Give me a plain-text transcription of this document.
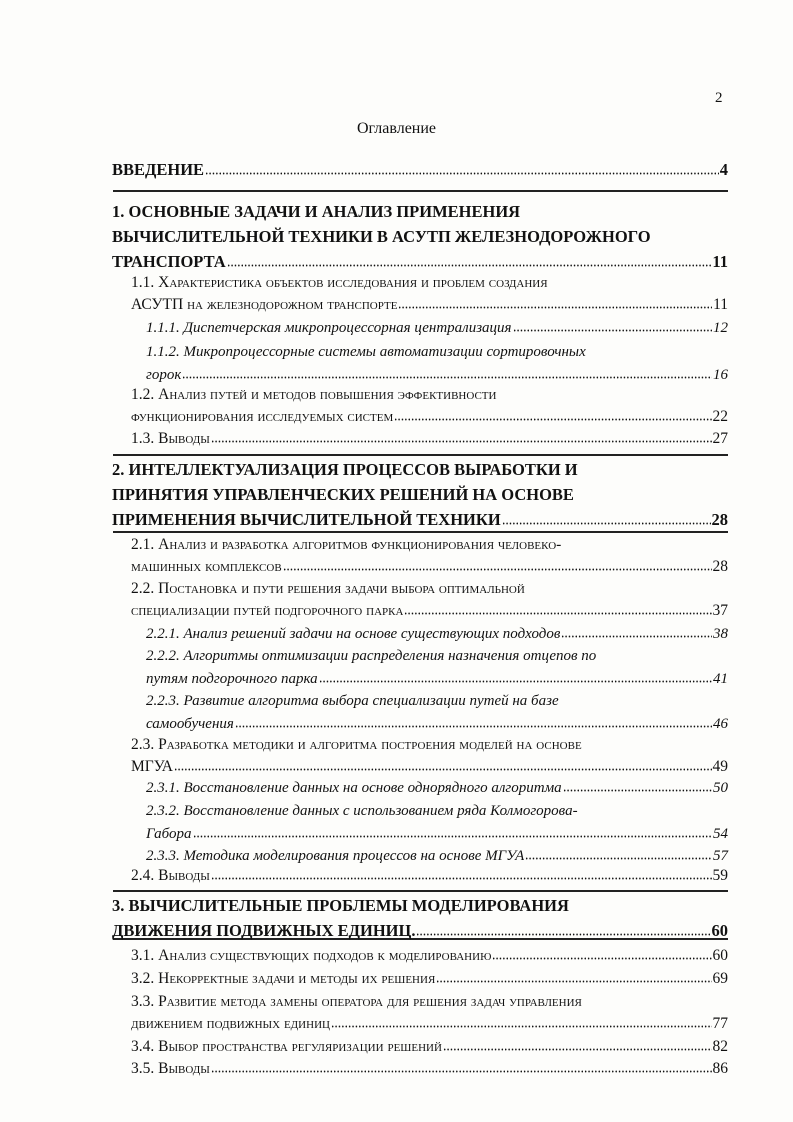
2
Оглавление
ВВЕДЕНИЕ	4
1. ОСНОВНЫЕ ЗАДАЧИ И АНАЛИЗ ПРИМЕНЕНИЯ
ВЫЧИСЛИТЕЛЬНОЙ ТЕХНИКИ В АСУТП ЖЕЛЕЗНОДОРОЖНОГО
ТРАНСПОРТА	11
1.1. Характеристика объектов исследования и проблем создания
АСУТП на железнодорожном транспорте	11
1.1.1. Диспетчерская микропроцессорная централизация	12
1.1.2. Микропроцессорные системы автоматизации сортировочных
горок	16
1.2. Анализ путей и методов повышения эффективности
функционирования исследуемых систем	22
1.3. Выводы	27
2. ИНТЕЛЛЕКТУАЛИЗАЦИЯ ПРОЦЕССОВ ВЫРАБОТКИ И
ПРИНЯТИЯ УПРАВЛЕНЧЕСКИХ РЕШЕНИЙ НА ОСНОВЕ
ПРИМЕНЕНИЯ ВЫЧИСЛИТЕЛЬНОЙ ТЕХНИКИ	28
2.1. Анализ и разработка алгоритмов функционирования человеко-
машинных комплексов	28
2.2. Постановка и пути решения задачи выбора оптимальной
специализации путей подгорочного парка	37
2.2.1. Анализ решений задачи на основе существующих подходов	38
2.2.2. Алгоритмы оптимизации распределения назначения отцепов по
путям подгорочного парка	41
2.2.3. Развитие алгоритма выбора специализации путей на базе
самообучения	46
2.3. Разработка методики и алгоритма построения моделей на основе
МГУА	49
2.3.1. Восстановление данных на основе однорядного алгоритма	50
2.3.2. Восстановление данных с использованием ряда Колмогорова-
Габора	54
2.3.3. Методика моделирования процессов на основе МГУА	57
2.4. Выводы	59
3. ВЫЧИСЛИТЕЛЬНЫЕ ПРОБЛЕМЫ МОДЕЛИРОВАНИЯ
ДВИЖЕНИЯ ПОДВИЖНЫХ ЕДИНИЦ.	60
3.1. Анализ существующих подходов к моделированию	60
3.2. Некорректные задачи и методы их решения	69
3.3. Развитие метода замены оператора для решения задач управления
движением подвижных единиц	77
3.4. Выбор пространства регуляризации решений	82
3.5. Выводы	86
